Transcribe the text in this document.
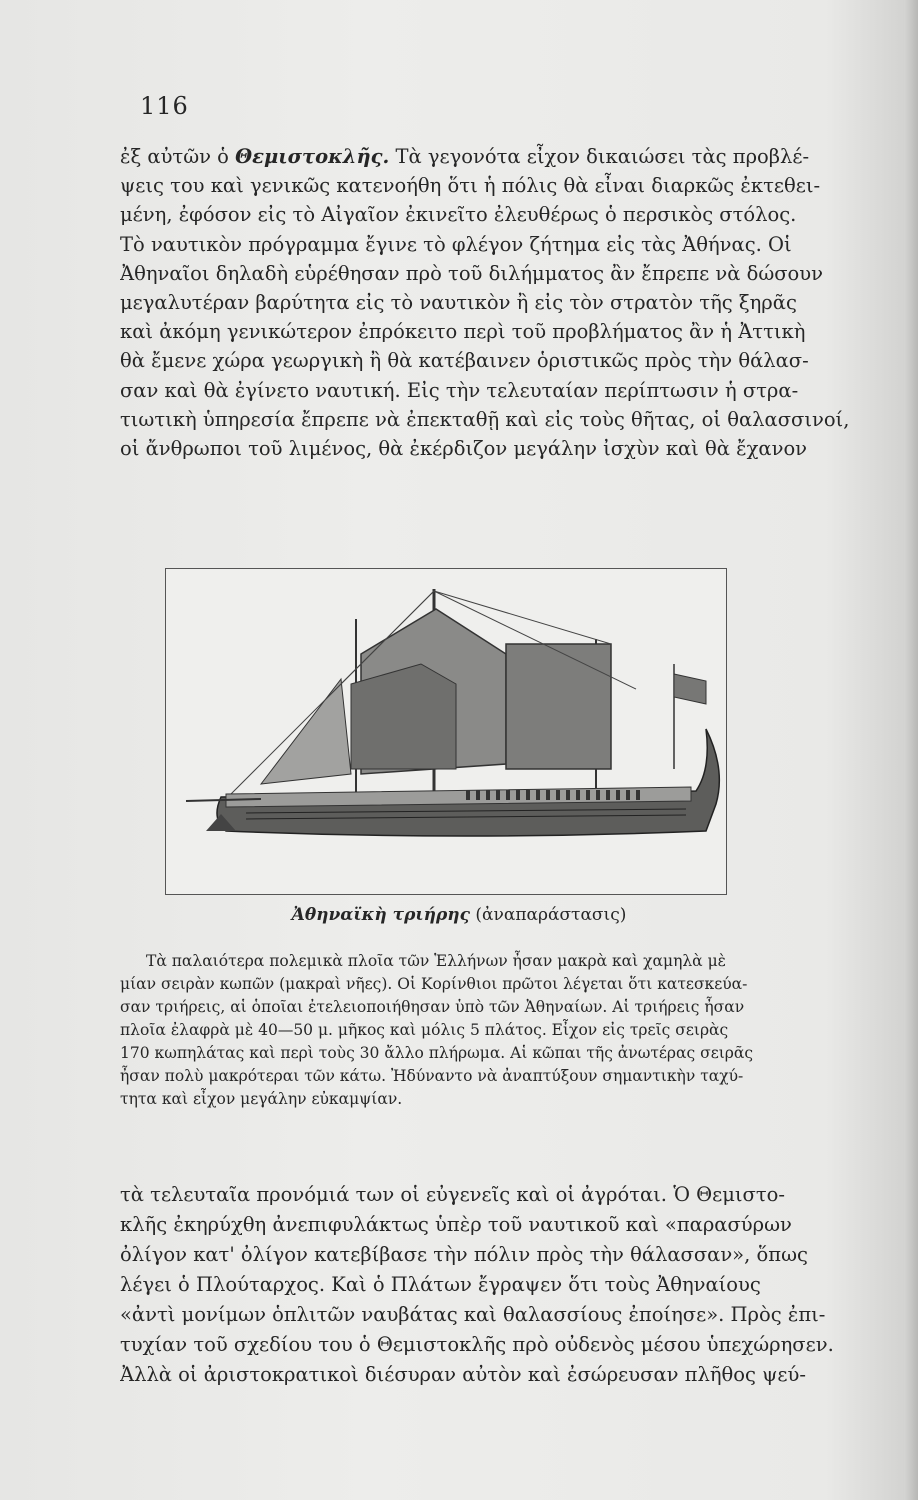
116
ἐξ αὐτῶν ὁ Θεμιστοκλῆς. Τὰ γεγονότα εἶχον δικαιώσει τὰς προβλέ-
ψεις του καὶ γενικῶς κατενοήθη ὅτι ἡ πόλις θὰ εἶναι διαρκῶς ἐκτεθει-
μένη, ἐφόσον εἰς τὸ Αἰγαῖον ἐκινεῖτο ἐλευθέρως ὁ περσικὸς στόλος.
Τὸ ναυτικὸν πρόγραμμα ἔγινε τὸ φλέγον ζήτημα εἰς τὰς Ἀθήνας. Οἱ
Ἀθηναῖοι δηλαδὴ εὑρέθησαν πρὸ τοῦ διλήμματος ἂν ἔπρεπε νὰ δώσουν
μεγαλυτέραν βαρύτητα εἰς τὸ ναυτικὸν ἢ εἰς τὸν στρατὸν τῆς ξηρᾶς
καὶ ἀκόμη γενικώτερον ἐπρόκειτο περὶ τοῦ προβλήματος ἂν ἡ Ἀττικὴ
θὰ ἔμενε χώρα γεωργικὴ ἢ θὰ κατέβαινεν ὁριστικῶς πρὸς τὴν θάλασ-
σαν καὶ θὰ ἐγίνετο ναυτική. Εἰς τὴν τελευταίαν περίπτωσιν ἡ στρα-
τιωτικὴ ὑπηρεσία ἔπρεπε νὰ ἐπεκταθῇ καὶ εἰς τοὺς θῆτας, οἱ θαλασσινοί,
οἱ ἄνθρωποι τοῦ λιμένος, θὰ ἐκέρδιζον μεγάλην ἰσχὺν καὶ θὰ ἔχανον
Ἀθηναϊκὴ τριήρης (ἀναπαράστασις)
Τὰ παλαιότερα πολεμικὰ πλοῖα τῶν Ἑλλήνων ἦσαν μακρὰ καὶ χαμηλὰ μὲ
μίαν σειρὰν κωπῶν (μακραὶ νῆες). Οἱ Κορίνθιοι πρῶτοι λέγεται ὅτι κατεσκεύα-
σαν τριήρεις, αἱ ὁποῖαι ἐτελειοποιήθησαν ὑπὸ τῶν Ἀθηναίων. Αἱ τριήρεις ἦσαν
πλοῖα ἐλαφρὰ μὲ 40—50 μ. μῆκος καὶ μόλις 5 πλάτος. Εἶχον εἰς τρεῖς σειρὰς
170 κωπηλάτας καὶ περὶ τοὺς 30 ἄλλο πλήρωμα. Αἱ κῶπαι τῆς ἀνωτέρας σειρᾶς
ἦσαν πολὺ μακρότεραι τῶν κάτω. Ἠδύναντο νὰ ἀναπτύξουν σημαντικὴν ταχύ-
τητα καὶ εἶχον μεγάλην εὐκαμψίαν.
τὰ τελευταῖα προνόμιά των οἱ εὐγενεῖς καὶ οἱ ἀγρόται. Ὁ Θεμιστο-
κλῆς ἐκηρύχθη ἀνεπιφυλάκτως ὑπὲρ τοῦ ναυτικοῦ καὶ «παρασύρων
ὀλίγον κατ' ὀλίγον κατεβίβασε τὴν πόλιν πρὸς τὴν θάλασσαν», ὅπως
λέγει ὁ Πλούταρχος. Καὶ ὁ Πλάτων ἔγραψεν ὅτι τοὺς Ἀθηναίους
«ἀντὶ μονίμων ὁπλιτῶν ναυβάτας καὶ θαλασσίους ἐποίησε». Πρὸς ἐπι-
τυχίαν τοῦ σχεδίου του ὁ Θεμιστοκλῆς πρὸ οὐδενὸς μέσου ὑπεχώρησεν.
Ἀλλὰ οἱ ἀριστοκρατικοὶ διέσυραν αὐτὸν καὶ ἐσώρευσαν πλῆθος ψεύ-
